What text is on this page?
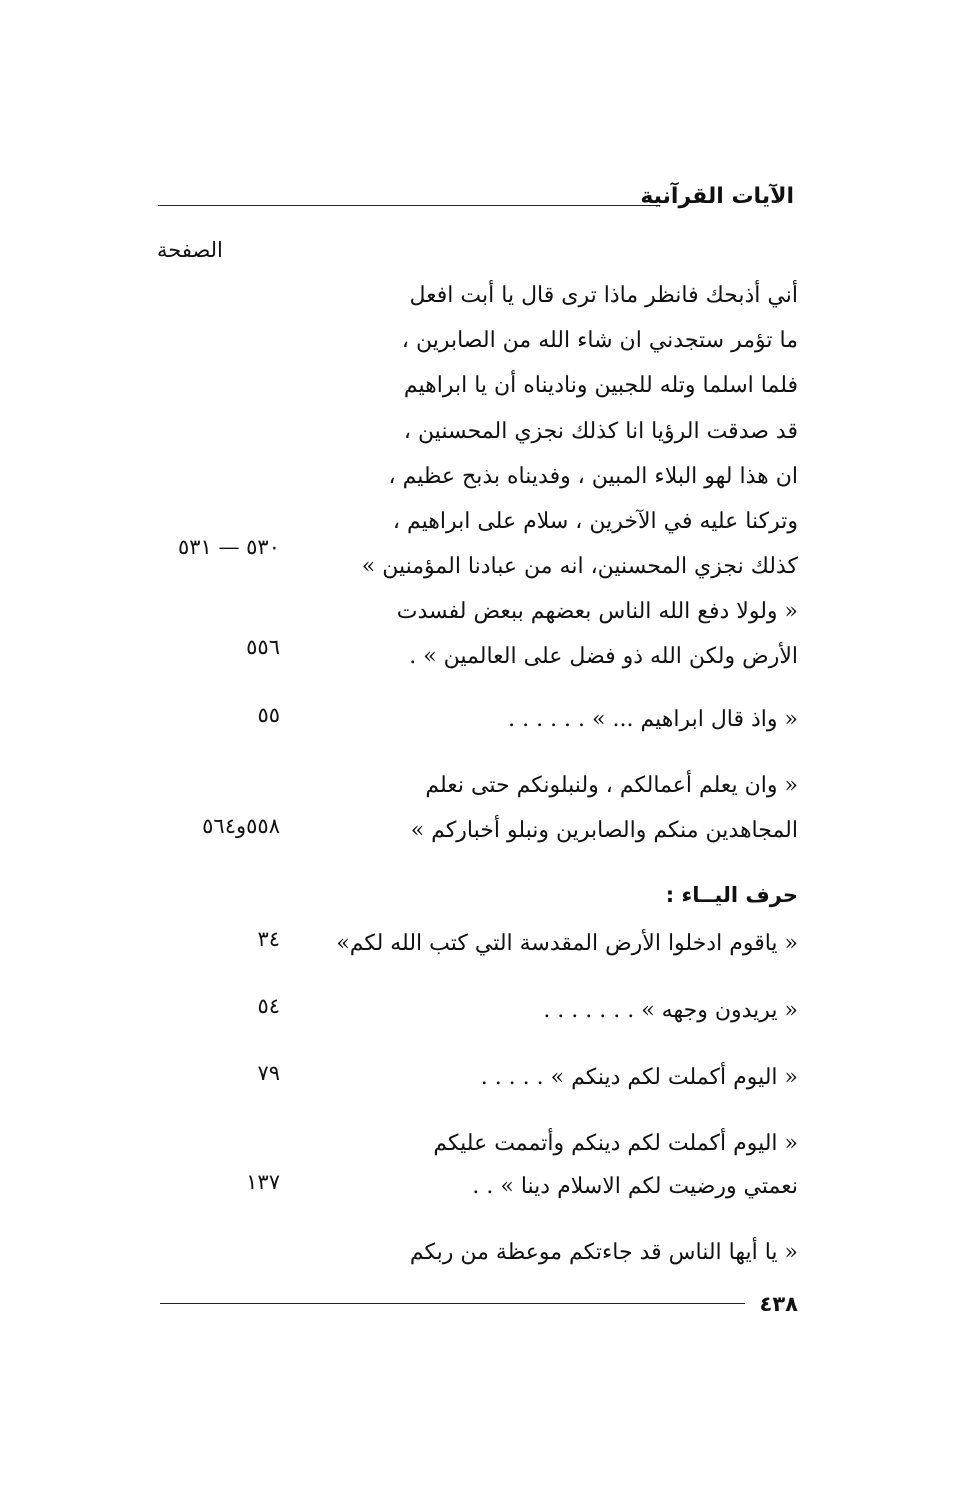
الآيات القرآنية
الصفحة
أني أذبحك فانظر ماذا ترى قال يا أبت افعل
ما تؤمر ستجدني ان شاء الله من الصابرين ،
فلما اسلما وتله للجبين وناديناه أن يا ابراهيم
قد صدقت الرؤيا انا كذلك نجزي المحسنين ،
ان هذا لهو البلاء المبين ، وفديناه بذبح عظيم ،
وتركنا عليه في الآخرين ، سلام على ابراهيم ،
كذلك نجزي المحسنين، انه من عبادنا المؤمنين »
٥٣٠ — ٥٣١
« ولولا دفع الله الناس بعضهم ببعض لفسدت
الأرض ولكن الله ذو فضل على العالمين » .
٥٥٦
« واذ قال ابراهيم ... » . . . . . .
٥٥
« وان يعلم أعمالكم ، ولنبلونكم حتى نعلم
المجاهدين منكم والصابرين ونبلو أخباركم »
٥٥٨و٥٦٤
حرف اليــاء :
« ياقوم ادخلوا الأرض المقدسة التي كتب الله لكم»
٣٤
« يريدون وجهه » . . . . . . .
٥٤
« اليوم أكملت لكم دينكم » . . . . .
٧٩
« اليوم أكملت لكم دينكم وأتممت عليكم
نعمتي ورضيت لكم الاسلام دينا » . .
١٣٧
« يا أيها الناس قد جاءتكم موعظة من ربكم
٤٣٨
